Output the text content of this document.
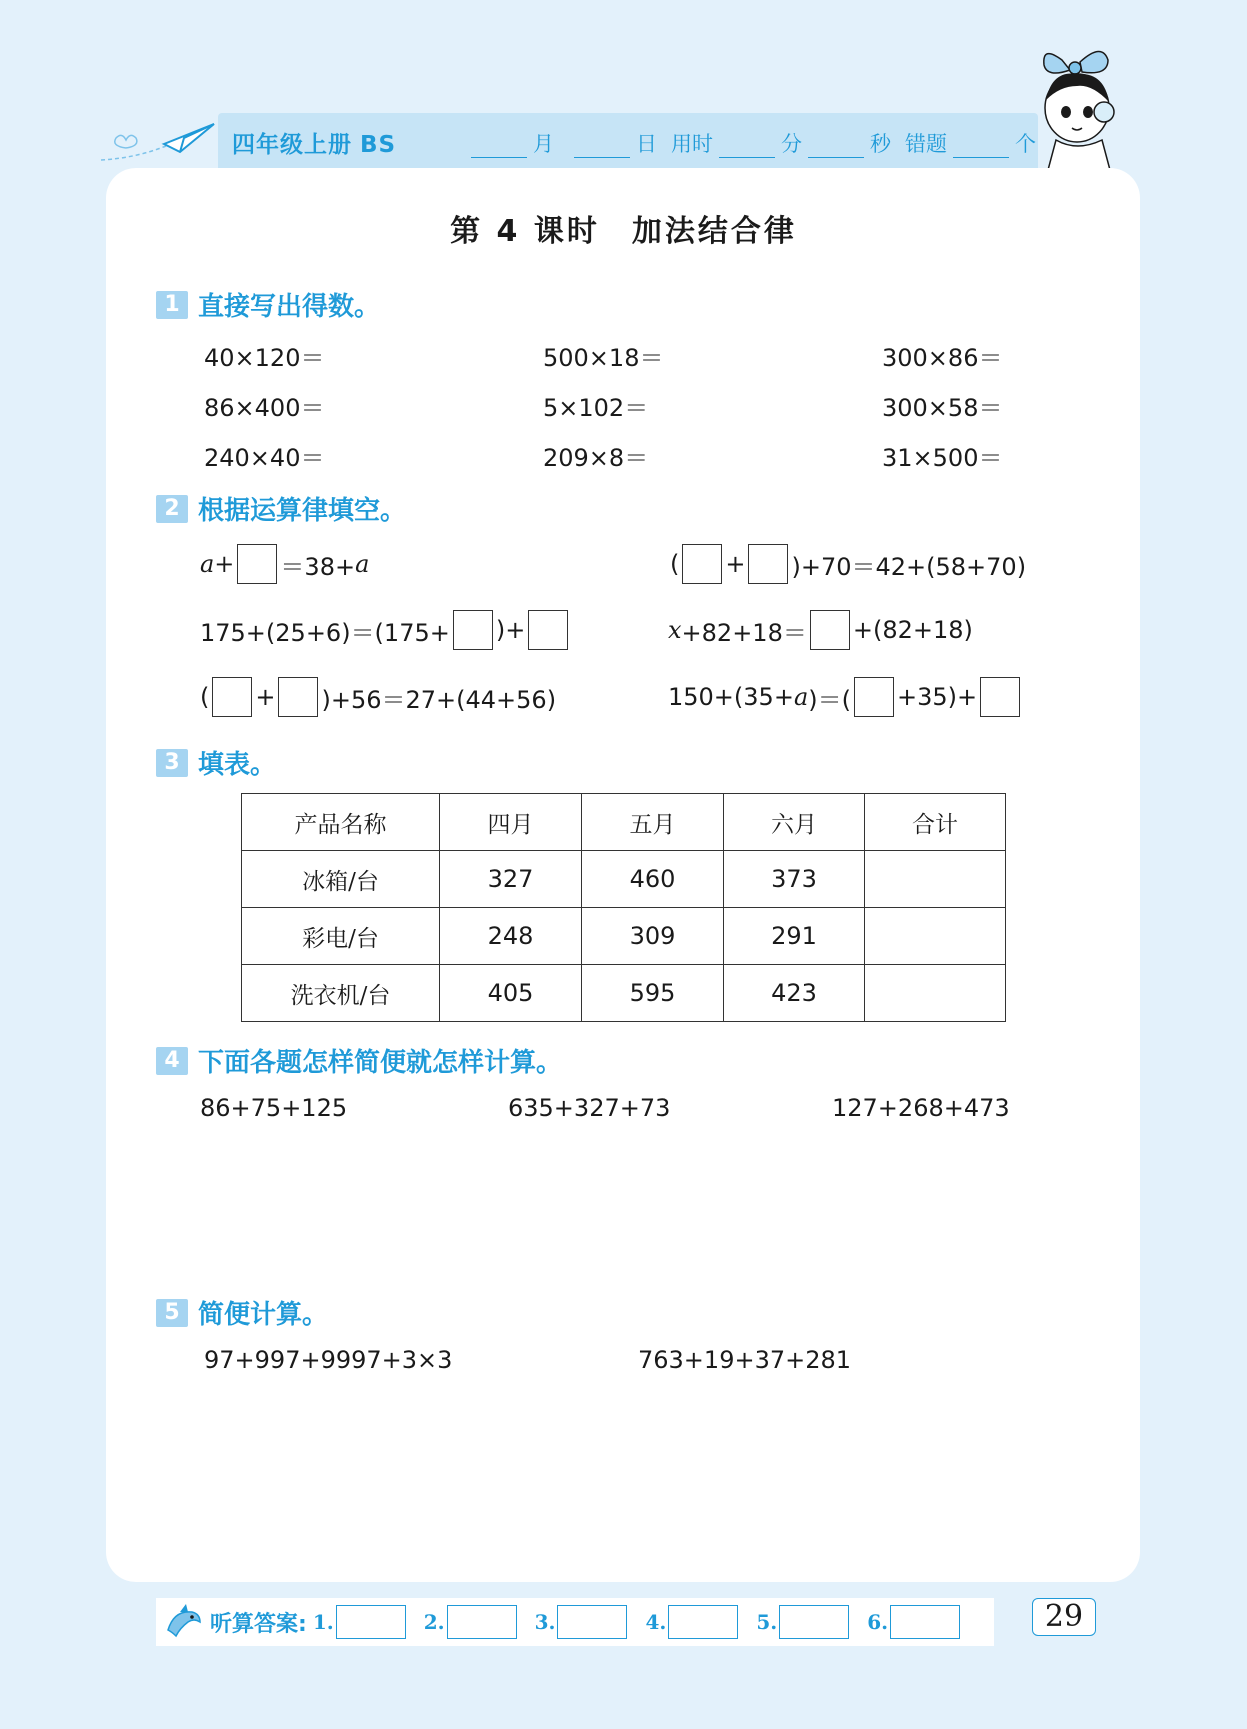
四年级上册 BS	月	日 用时	分	秒 错题	个
第 4 课时 加法结合律
1 直接写出得数。
40×120＝	500×18＝	300×86＝
86×400＝	5×102＝	300×58＝
240×40＝	209×8＝	31×500＝
2 根据运算律填空。
a+ ＝38+ a	( + )+70＝42+(58+70)
175+(25+6)＝(175+ )+	x +82+18＝ +(82+18)
( + )+56＝27+(44+56)	150+(35+ a )＝( +35)+
3 填表。
产品名称	四月	五月	六月	合计
冰箱/台	327	460	373	
彩电/台	248	309	291	
洗衣机/台	405	595	423	
4 下面各题怎样简便就怎样计算。
86+75+125	635+327+73	127+268+473
5 简便计算。
97+997+9997+3×3	763+19+37+281
听算答案: 1.	2.	3.	4.	5.	6.	29
